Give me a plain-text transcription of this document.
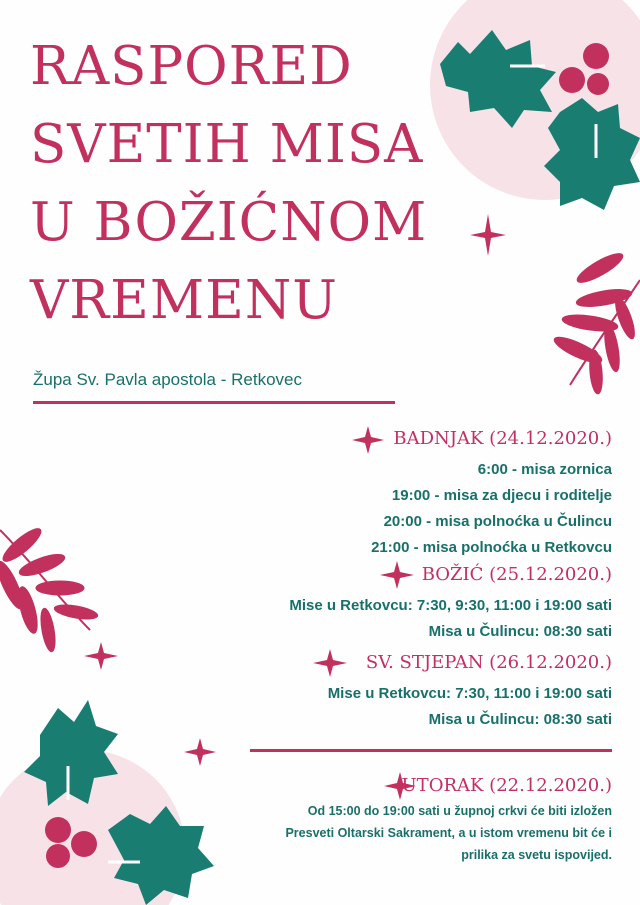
RASPORED
SVETIH MISA
U BOŽIĆNOM
VREMENU
Župa Sv. Pavla apostola - Retkovec
BADNJAK (24.12.2020.)
6:00 - misa zornica
19:00 - misa za djecu i roditelje
20:00 - misa polnoćka u Čulincu
21:00 - misa polnoćka u Retkovcu
BOŽIĆ (25.12.2020.)
Mise u Retkovcu: 7:30, 9:30, 11:00 i 19:00 sati
Misa u Čulincu: 08:30 sati
SV. STJEPAN (26.12.2020.)
Mise u Retkovcu: 7:30, 11:00 i 19:00 sati
Misa u Čulincu: 08:30 sati
UTORAK (22.12.2020.)
Od 15:00 do 19:00 sati u župnoj crkvi će biti izložen
Presveti Oltarski Sakrament, a u istom vremenu bit će i
prilika za svetu ispovijed.
